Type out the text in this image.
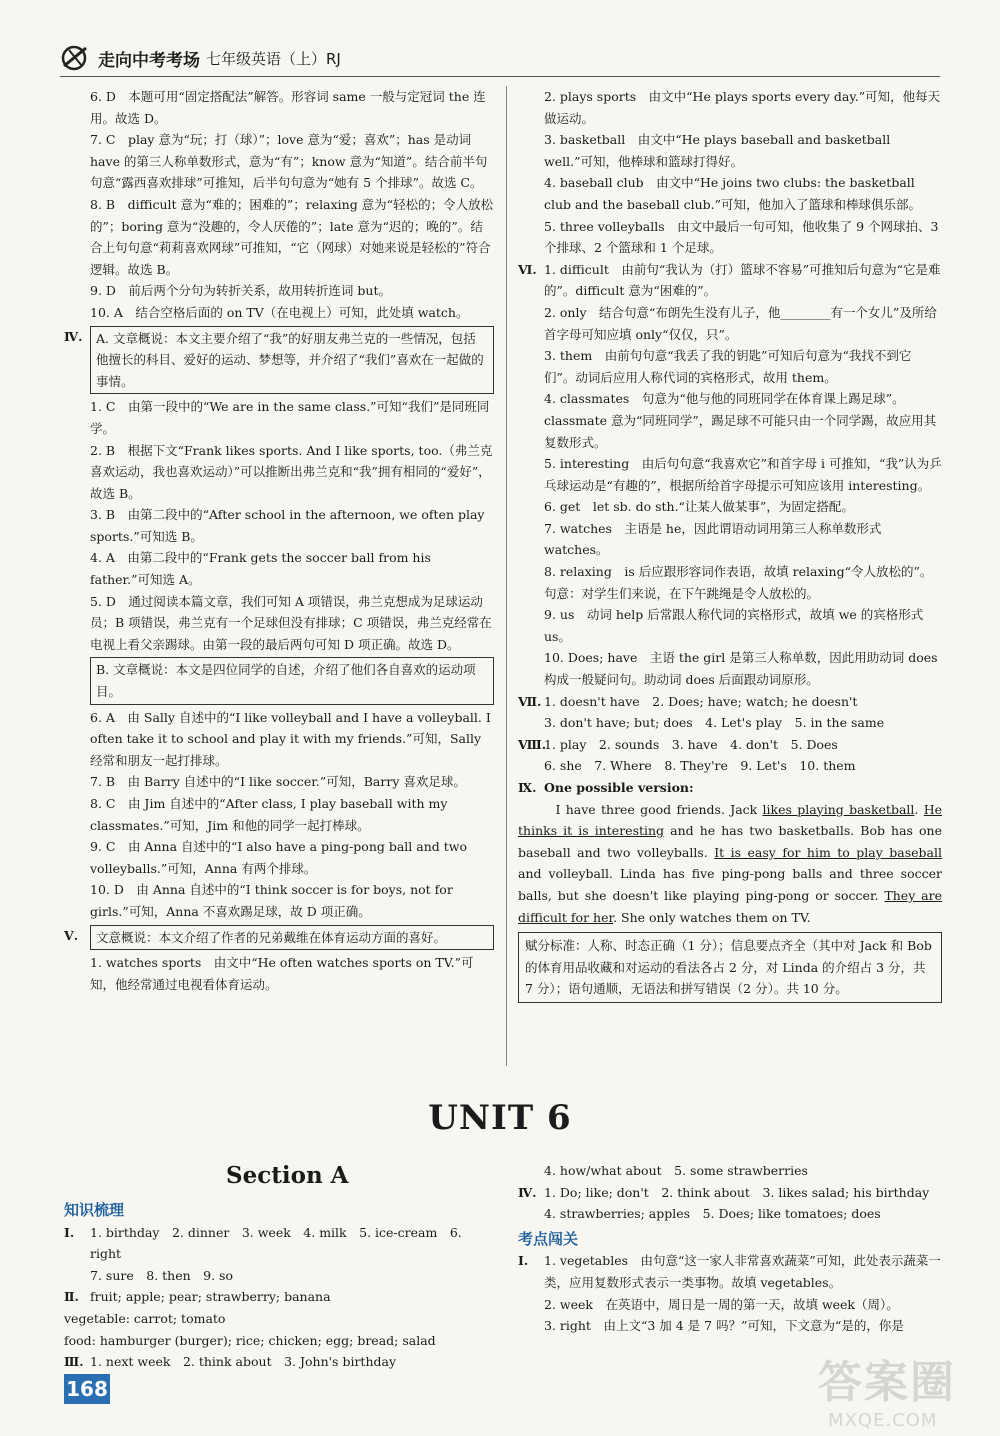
走向中考考场 七年级英语（上）RJ

6. D　本题可用“固定搭配法”解答。形容词 same 一般与定冠词 the 连用。故选 D。

7. C　play 意为“玩；打（球）”；love 意为“爱；喜欢”；has 是动词 have 的第三人称单数形式，意为“有”；know 意为“知道”。结合前半句句意“露西喜欢排球”可推知，后半句句意为“她有 5 个排球”。故选 C。

8. B　difficult 意为“难的；困难的”；relaxing 意为“轻松的；令人放松的”；boring 意为“没趣的，令人厌倦的”；late 意为“迟的；晚的”。结合上句句意“莉莉喜欢网球”可推知，“它（网球）对她来说是轻松的”符合逻辑。故选 B。

9. D　前后两个分句为转折关系，故用转折连词 but。

10. A　结合空格后面的 on TV（在电视上）可知，此处填 watch。

Ⅳ.	A. 文章概说：本文主要介绍了“我”的好朋友弗兰克的一些情况，包括他擅长的科目、爱好的运动、梦想等，并介绍了“我们”喜欢在一起做的事情。

1. C　由第一段中的“We are in the same class.”可知“我们”是同班同学。

2. B　根据下文“Frank likes sports. And I like sports, too.（弗兰克喜欢运动，我也喜欢运动）”可以推断出弗兰克和“我”拥有相同的“爱好”，故选 B。

3. B　由第二段中的“After school in the afternoon, we often play sports.”可知选 B。

4. A　由第二段中的“Frank gets the soccer ball from his father.”可知选 A。

5. D　通过阅读本篇文章，我们可知 A 项错误，弗兰克想成为足球运动员；B 项错误，弗兰克有一个足球但没有排球；C 项错误，弗兰克经常在电视上看父亲踢球。由第一段的最后两句可知 D 项正确。故选 D。

B. 文章概说：本文是四位同学的自述，介绍了他们各自喜欢的运动项目。

6. A　由 Sally 自述中的“I like volleyball and I have a volleyball. I often take it to school and play it with my friends.”可知，Sally 经常和朋友一起打排球。

7. B　由 Barry 自述中的“I like soccer.”可知，Barry 喜欢足球。

8. C　由 Jim 自述中的“After class, I play baseball with my classmates.”可知，Jim 和他的同学一起打棒球。

9. C　由 Anna 自述中的“I also have a ping-pong ball and two volleyballs.”可知，Anna 有两个排球。

10. D　由 Anna 自述中的“I think soccer is for boys, not for girls.”可知，Anna 不喜欢踢足球，故 D 项正确。

Ⅴ.	文意概说：本文介绍了作者的兄弟戴维在体育运动方面的喜好。

1. watches sports　由文中“He often watches sports on TV.”可知，他经常通过电视看体育运动。

2. plays sports　由文中“He plays sports every day.”可知，他每天做运动。

3. basketball　由文中“He plays baseball and basketball well.”可知，他棒球和篮球打得好。

4. baseball club　由文中“He joins two clubs: the basketball club and the baseball club.”可知，他加入了篮球和棒球俱乐部。

5. three volleyballs　由文中最后一句可知，他收集了 9 个网球拍、3 个排球、2 个篮球和 1 个足球。

Ⅵ. 1. difficult　由前句“我认为（打）篮球不容易”可推知后句意为“它是难的”。difficult 意为“困难的”。

2. only　结合句意“布朗先生没有儿子，他________有一个女儿”及所给首字母可知应填 only“仅仅，只”。

3. them　由前句句意“我丢了我的钥匙”可知后句意为“我找不到它们”。动词后应用人称代词的宾格形式，故用 them。

4. classmates　句意为“他与他的同班同学在体育课上踢足球”。classmate 意为“同班同学”，踢足球不可能只由一个同学踢，故应用其复数形式。

5. interesting　由后句句意“我喜欢它”和首字母 i 可推知，“我”认为乒乓球运动是“有趣的”，根据所给首字母提示可知应该用 interesting。

6. get　let sb. do sth.“让某人做某事”，为固定搭配。

7. watches　主语是 he，因此谓语动词用第三人称单数形式 watches。

8. relaxing　is 后应跟形容词作表语，故填 relaxing“令人放松的”。句意：对学生们来说，在下午跳绳是令人放松的。

9. us　动词 help 后常跟人称代词的宾格形式，故填 we 的宾格形式 us。

10. Does; have　主语 the girl 是第三人称单数，因此用助动词 does 构成一般疑问句。助动词 does 后面跟动词原形。

Ⅶ. 1. doesn't have　2. Does; have; watch; he doesn't

3. don't have; but; does　4. Let's play　5. in the same

Ⅷ.

1. play　2. sounds　3. have　4. don't　5. Does

6. she　7. Where　8. They're　9. Let's　10. them

Ⅸ. One possible version:

I have three good friends. Jack likes playing basketball. He thinks it is interesting and he has two basketballs. Bob has one baseball and two volleyballs. It is easy for him to play baseball and volleyball. Linda has five ping-pong balls and three soccer balls, but she doesn't like playing ping-pong or soccer. They are difficult for her. She only watches them on TV.

赋分标准：人称、时态正确（1 分）；信息要点齐全（其中对 Jack 和 Bob 的体育用品收藏和对运动的看法各占 2 分，对 Linda 的介绍占 3 分，共 7 分）；语句通顺，无语法和拼写错误（2 分）。共 10 分。
UNIT 6
Section A
知识梳理
Ⅰ. 1. birthday　2. dinner　3. week　4. milk　5. ice-cream　6. right

7. sure　8. then　9. so

Ⅱ. fruit; apple; pear; strawberry; banana

vegetable: carrot; tomato

food: hamburger (burger); rice; chicken; egg; bread; salad

Ⅲ. 1. next week　2. think about　3. John's birthday

4. how/what about　5. some strawberries

Ⅳ. 1. Do; like; don't　2. think about　3. likes salad; his birthday

4. strawberries; apples　5. Does; like tomatoes; does

考点闯关
Ⅰ. 1. vegetables　由句意“这一家人非常喜欢蔬菜”可知，此处表示蔬菜一类，应用复数形式表示一类事物。故填 vegetables。

2. week　在英语中，周日是一周的第一天，故填 week（周）。

3. right　由上文“3 加 4 是 7 吗？”可知，下文意为“是的，你是

168	答案圈
MXQE.COM
